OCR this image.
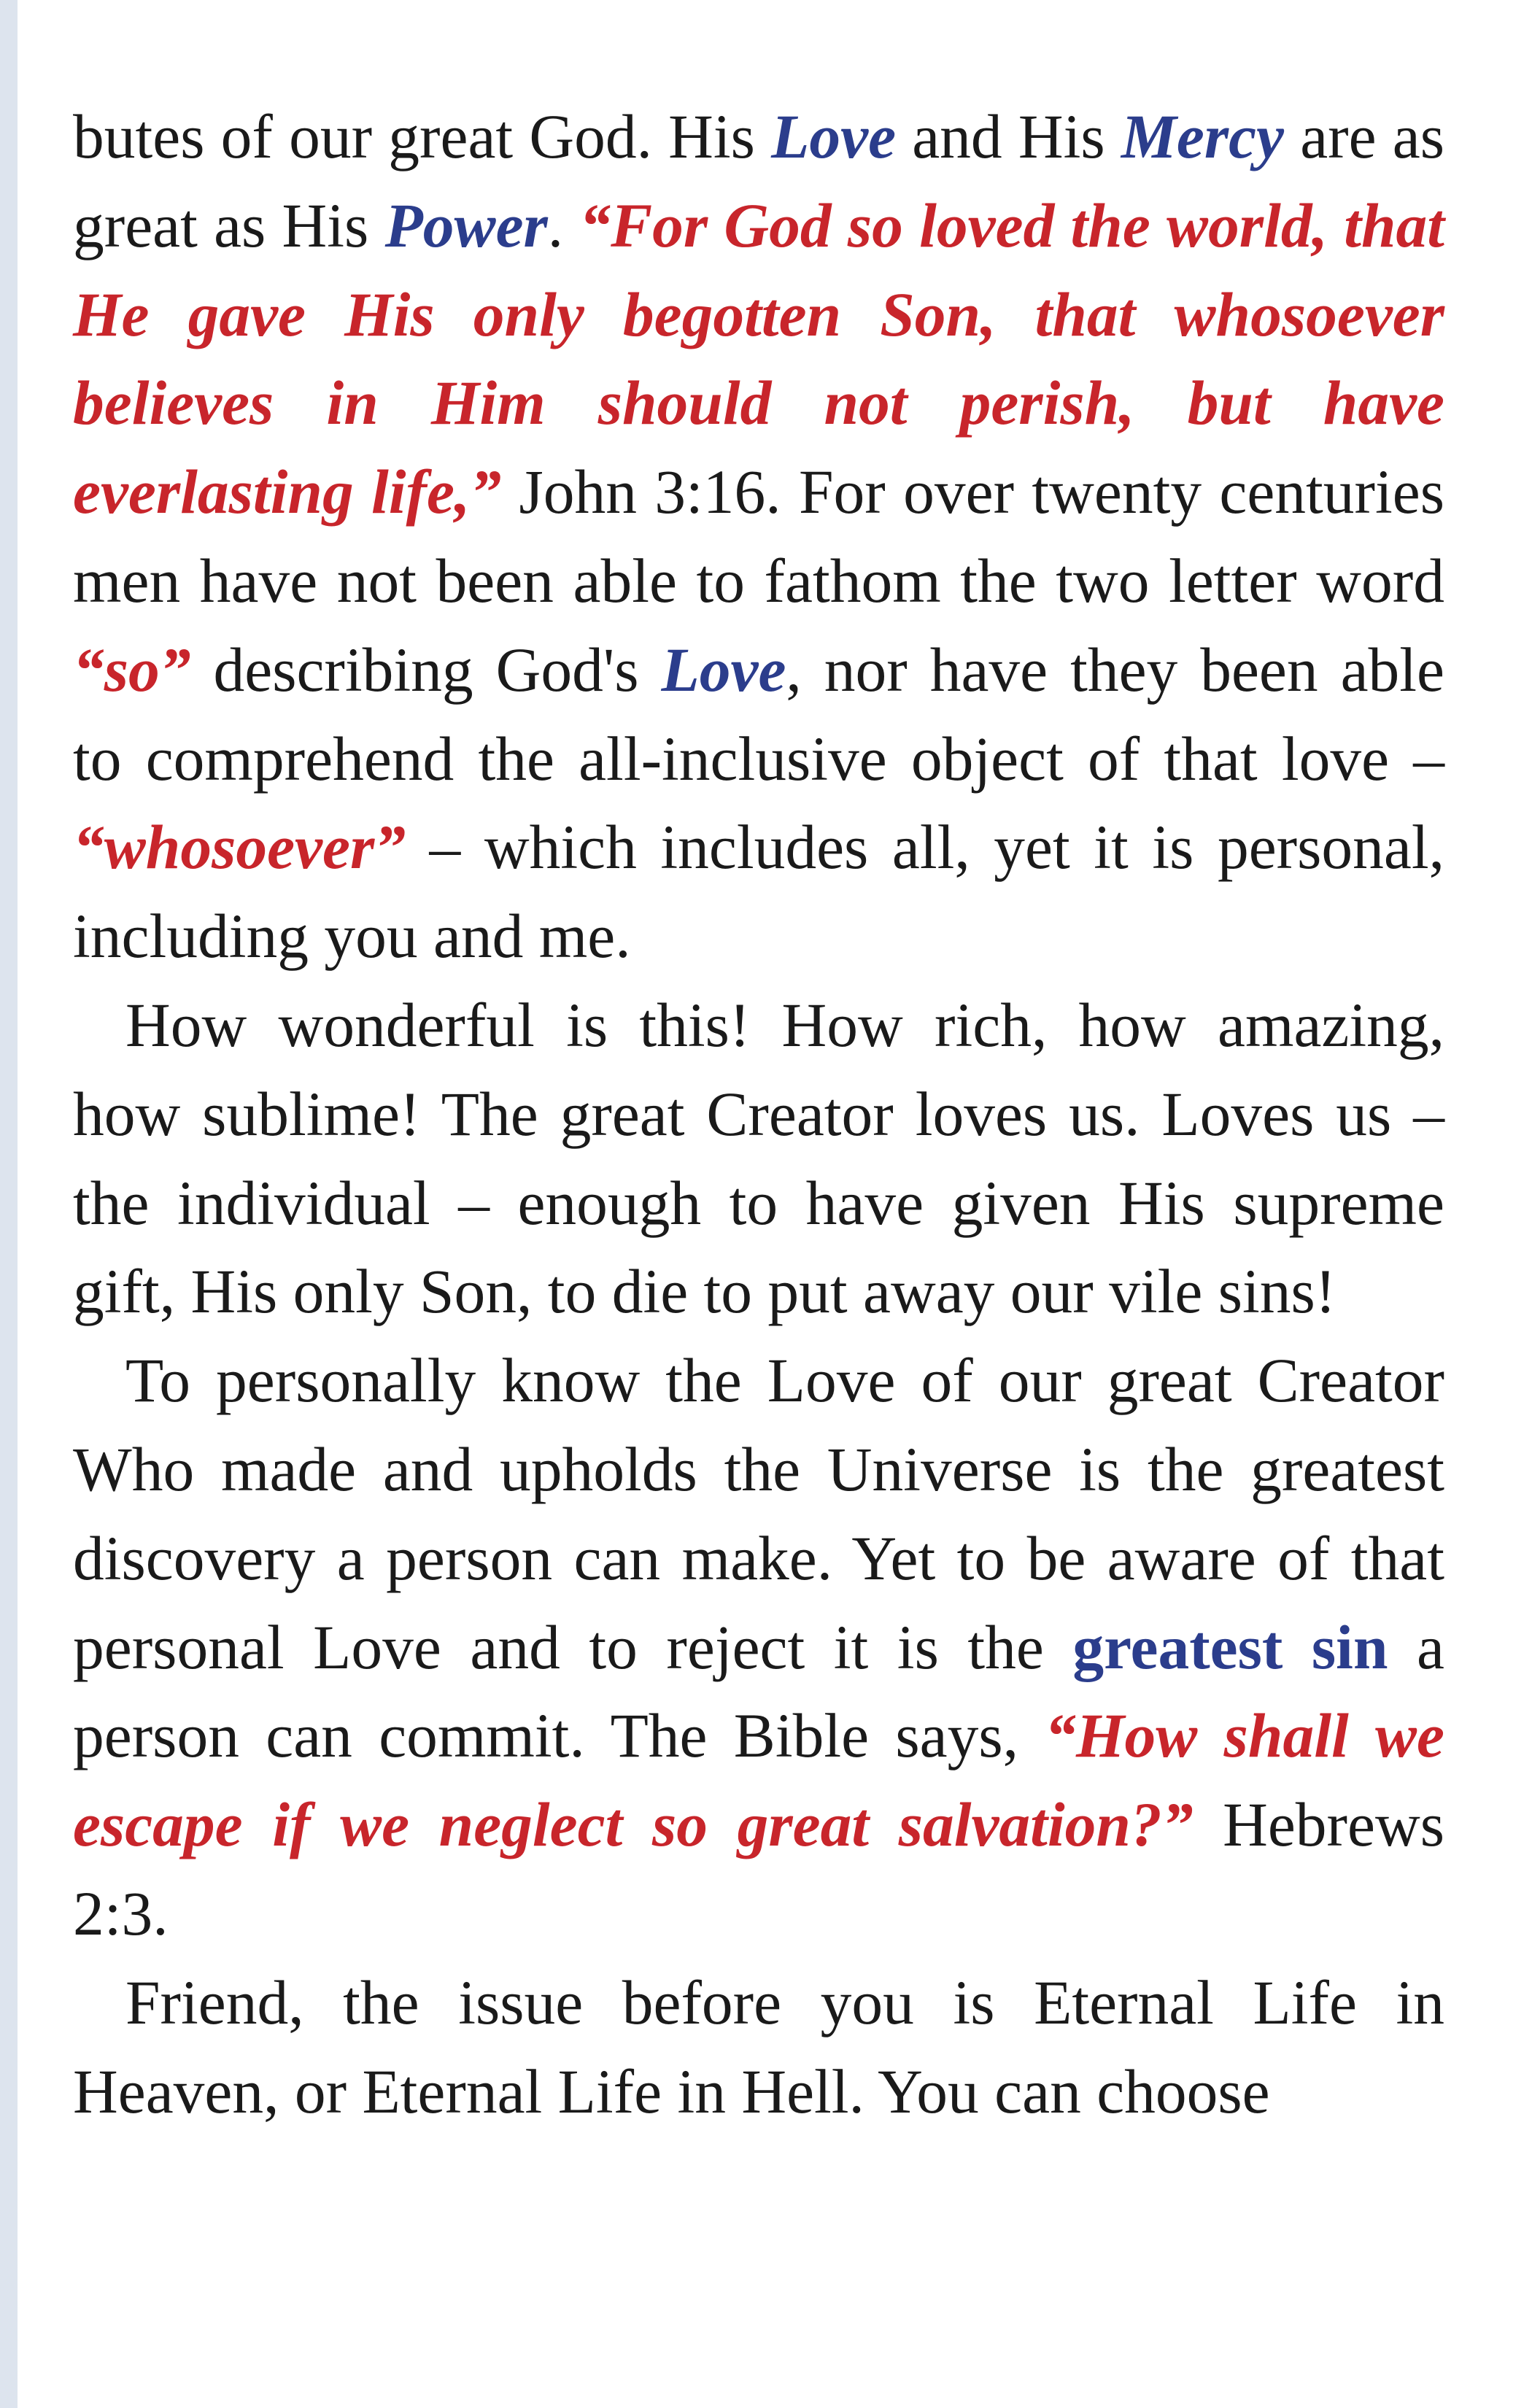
butes of our great God. His Love and His Mercy are as great as His Power. “For God so loved the world, that He gave His only begotten Son, that whosoever believes in Him should not perish, but have everlasting life,” John 3:16. For over twenty centuries men have not been able to fathom the two letter word “so” describing God's Love, nor have they been able to comprehend the all-inclusive object of that love – “whosoever” – which includes all, yet it is personal, including you and me.

How wonderful is this! How rich, how amazing, how sublime! The great Creator loves us. Loves us – the individual – enough to have given His supreme gift, His only Son, to die to put away our vile sins!

To personally know the Love of our great Creator Who made and upholds the Universe is the greatest discovery a person can make. Yet to be aware of that personal Love and to reject it is the greatest sin a person can commit. The Bible says, “How shall we escape if we neglect so great salvation?” Hebrews 2:3.

Friend, the issue before you is Eternal Life in Heaven, or Eternal Life in Hell. You can choose
